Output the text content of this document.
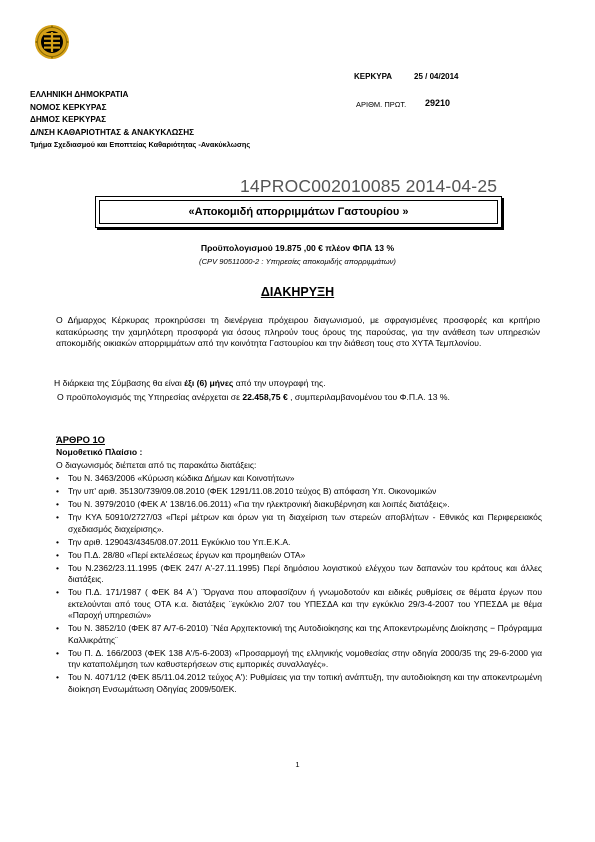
ΕΛΛΗΝΙΚΗ ΔΗΜΟΚΡΑΤΙΑ
ΝΟΜΟΣ ΚΕΡΚΥΡΑΣ
ΔΗΜΟΣ ΚΕΡΚΥΡΑΣ
Δ/ΝΣΗ ΚΑΘΑΡΙΟΤΗΤΑΣ & ΑΝΑΚΥΚΛΩΣΗΣ
Τμήμα Σχεδιασμού και Εποπτείας Καθαριότητας -Ανακύκλωσης
ΚΕΡΚΥΡΑ	25 / 04/2014
ΑΡΙΘΜ. ΠΡΩΤ. 29210
14PROC002010085 2014-04-25
«Αποκομιδή απορριμμάτων Γαστουρίου »
Προϋπολογισμού 19.875 ,00 € πλέον ΦΠΑ 13 %
(CPV 90511000-2 : Υπηρεσίες αποκομιδής απορριμμάτων)
ΔΙΑΚΗΡΥΞΗ
Ο Δήμαρχος Κέρκυρας προκηρύσσει τη διενέργεια πρόχειρου διαγωνισμού, με σφραγισμένες προσφορές και κριτήριο κατακύρωσης την χαμηλότερη προσφορά για όσους πληρούν τους όρους της παρούσας, για την ανάθεση των υπηρεσιών αποκομιδής οικιακών απορριμμάτων από την κοινότητα Γαστουρίου και την διάθεση τους στο ΧΥΤΑ Τεμπλονίου.
Η διάρκεια της Σύμβασης θα είναι έξι (6) μήνες από την υπογραφή της.
Ο προϋπολογισμός της Υπηρεσίας ανέρχεται σε 22.458,75 € , συμπεριλαμβανομένου του Φ.Π.Α. 13 %.
ΆΡΘΡΟ 1Ο
Νομοθετικό Πλαίσιο :
Ο διαγωνισμός διέπεται από τις παρακάτω διατάξεις:
• Του Ν. 3463/2006 «Κύρωση κώδικα Δήμων και Κοινοτήτων»
• Την υπ' αριθ. 35130/739/09.08.2010 (ΦΕΚ 1291/11.08.2010 τεύχος Β) απόφαση Υπ. Οικονομικών
• Του Ν. 3979/2010 (ΦΕΚ Α' 138/16.06.2011) «Για την ηλεκτρονική διακυβέρνηση και λοιπές διατάξεις».
• Την ΚΥΑ 50910/2727/03 «Περί μέτρων και όρων για τη διαχείριση των στερεών αποβλήτων - Εθνικός και Περιφερειακός σχεδιασμός διαχείρισης».
• Την αριθ. 129043/4345/08.07.2011 Εγκύκλιο του Υπ.Ε.Κ.Α.
• Του Π.Δ. 28/80 «Περί εκτελέσεως έργων και προμηθειών ΟΤΑ»
• Του Ν.2362/23.11.1995 (ΦΕΚ 247/ Α'-27.11.1995) Περί δημόσιου λογιστικού ελέγχου των δαπανών του κράτους και άλλες διατάξεις.
• Του Π.Δ. 171/1987 ( ΦΕΚ 84 Α΄) ¨Όργανα που αποφασίζουν ή γνωμοδοτούν και ειδικές ρυθμίσεις σε θέματα έργων που εκτελούνται από τους ΟΤΑ κ.α. διατάξεις ¨εγκύκλιο 2/07 του ΥΠΕΣΔΑ και την εγκύκλιο 29/3-4-2007 του ΥΠΕΣΔΑ με θέμα «Παροχή υπηρεσιών»
• Του Ν. 3852/10 (ΦΕΚ 87 Α/7-6-2010) ¨Νέα Αρχιτεκτονική της Αυτοδιοίκησης και της Αποκεντρωμένης Διοίκησης − Πρόγραμμα Καλλικράτης¨
• Του Π. Δ. 166/2003 (ΦΕΚ 138 Α'/5-6-2003) «Προσαρμογή της ελληνικής νομοθεσίας στην οδηγία 2000/35 της 29-6-2000 για την καταπολέμηση των καθυστερήσεων στις εμπορικές συναλλαγές».
• Του Ν. 4071/12 (ΦΕΚ 85/11.04.2012 τεύχος Α'): Ρυθμίσεις για την τοπική ανάπτυξη, την αυτοδιοίκηση και την αποκεντρωμένη διοίκηση Ενσωμάτωση Οδηγίας 2009/50/ΕΚ.
1
